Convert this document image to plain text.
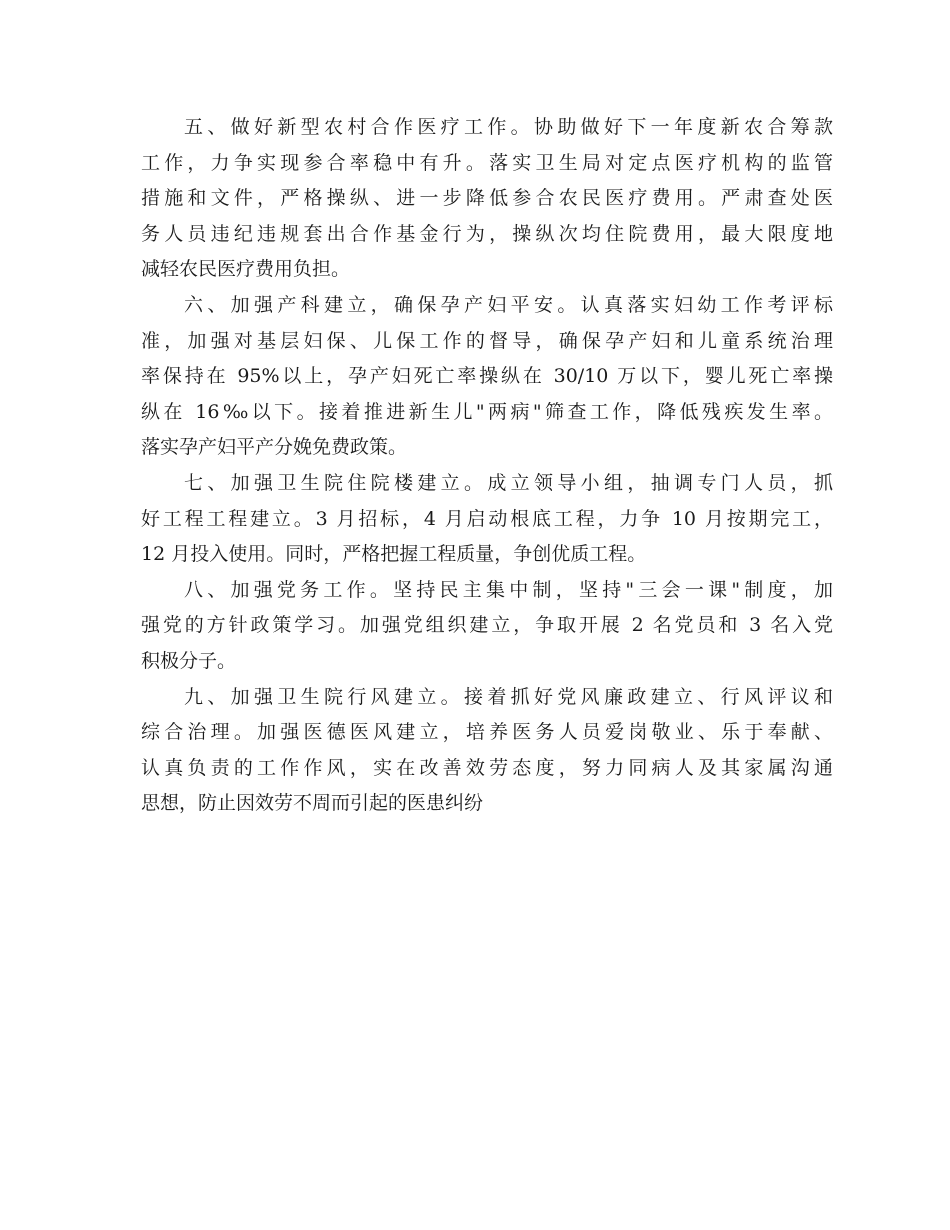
五、做好新型农村合作医疗工作。协助做好下一年度新农合筹款
工作，力争实现参合率稳中有升。落实卫生局对定点医疗机构的监管
措施和文件，严格操纵、进一步降低参合农民医疗费用。严肃查处医
务人员违纪违规套出合作基金行为，操纵次均住院费用，最大限度地
减轻农民医疗费用负担。
六、加强产科建立，确保孕产妇平安。认真落实妇幼工作考评标
准，加强对基层妇保、儿保工作的督导，确保孕产妇和儿童系统治理
率保持在 95%以上，孕产妇死亡率操纵在 30/10 万以下，婴儿死亡率操
纵在 16‰以下。接着推进新生儿"两病"筛查工作，降低残疾发生率。
落实孕产妇平产分娩免费政策。
七、加强卫生院住院楼建立。成立领导小组，抽调专门人员，抓
好工程工程建立。3 月招标，4 月启动根底工程，力争 10 月按期完工，
12 月投入使用。同时，严格把握工程质量，争创优质工程。
八、加强党务工作。坚持民主集中制，坚持"三会一课"制度，加
强党的方针政策学习。加强党组织建立，争取开展 2 名党员和 3 名入党
积极分子。
九、加强卫生院行风建立。接着抓好党风廉政建立、行风评议和
综合治理。加强医德医风建立，培养医务人员爱岗敬业、乐于奉献、
认真负责的工作作风，实在改善效劳态度，努力同病人及其家属沟通
思想，防止因效劳不周而引起的医患纠纷
